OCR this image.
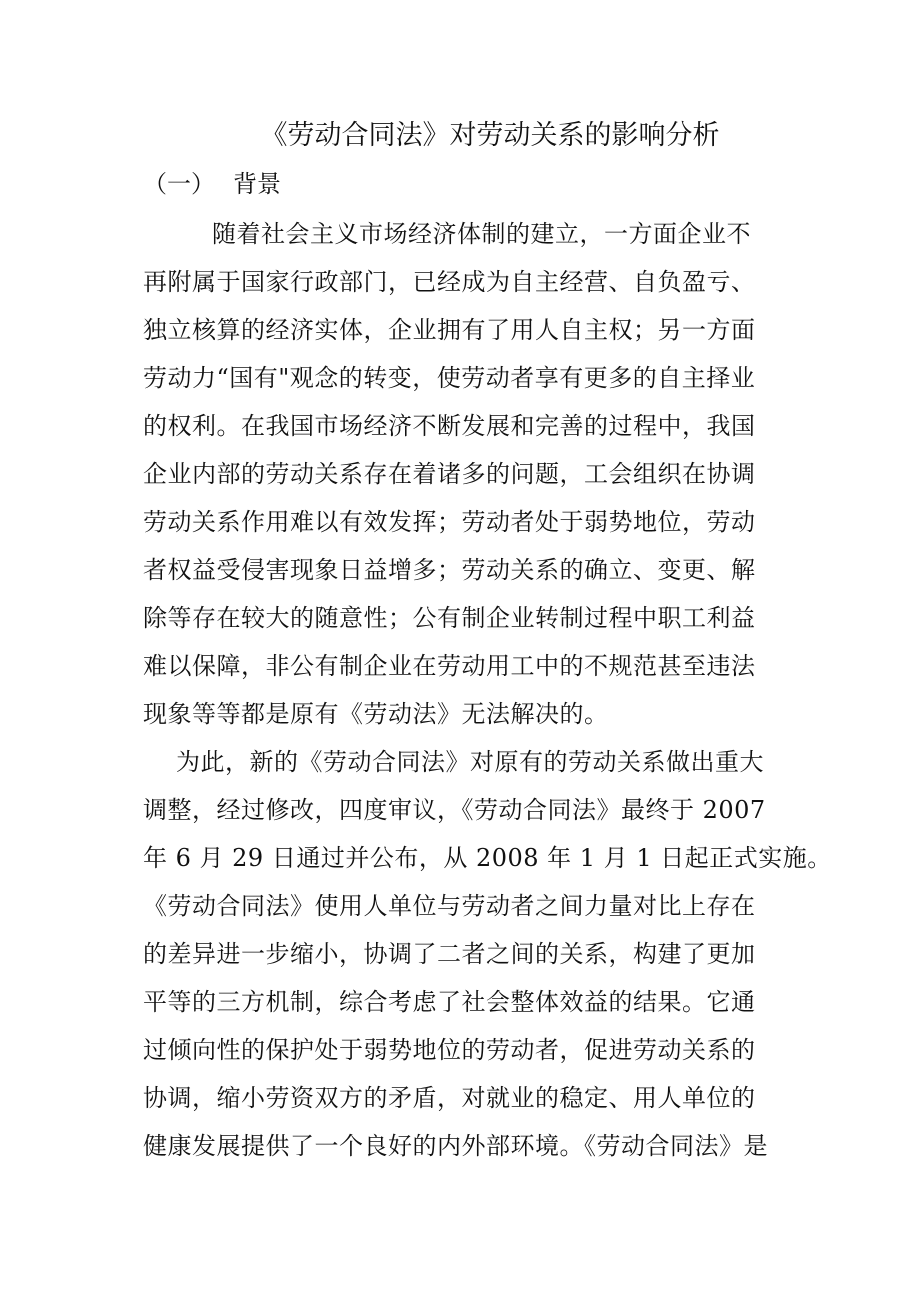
《劳动合同法》对劳动关系的影响分析
（一） 背景
随着社会主义市场经济体制的建立，一方面企业不
再附属于国家行政部门，已经成为自主经营、自负盈亏、
独立核算的经济实体，企业拥有了用人自主权；另一方面
劳动力“国有"观念的转变，使劳动者享有更多的自主择业
的权利。在我国市场经济不断发展和完善的过程中，我国
企业内部的劳动关系存在着诸多的问题，工会组织在协调
劳动关系作用难以有效发挥；劳动者处于弱势地位，劳动
者权益受侵害现象日益增多；劳动关系的确立、变更、解
除等存在较大的随意性；公有制企业转制过程中职工利益
难以保障，非公有制企业在劳动用工中的不规范甚至违法
现象等等都是原有《劳动法》无法解决的。
为此，新的《劳动合同法》对原有的劳动关系做出重大
调整，经过修改，四度审议，《劳动合同法》最终于 2007
年 6 月 29 日通过并公布，从 2008 年 1 月 1 日起正式实施。
《劳动合同法》使用人单位与劳动者之间力量对比上存在
的差异进一步缩小，协调了二者之间的关系，构建了更加
平等的三方机制，综合考虑了社会整体效益的结果。它通
过倾向性的保护处于弱势地位的劳动者，促进劳动关系的
协调，缩小劳资双方的矛盾，对就业的稳定、用人单位的
健康发展提供了一个良好的内外部环境。《劳动合同法》是
